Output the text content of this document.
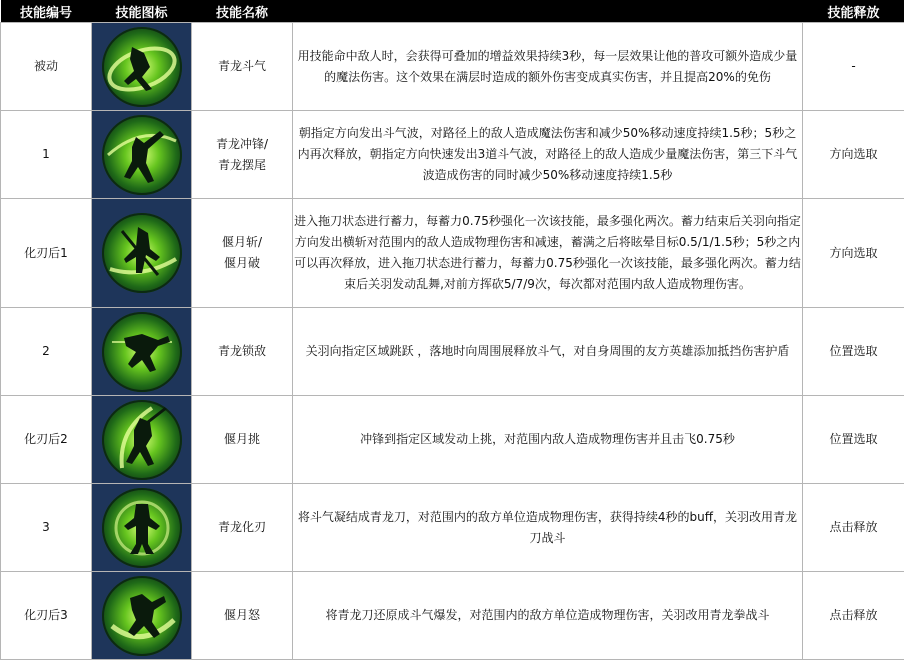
技能编号	技能图标	技能名称		技能释放
被动		青龙斗气	用技能命中敌人时，会获得可叠加的增益效果持续3秒，每一层效果让他的普攻可额外造成少量的魔法伤害。这个效果在满层时造成的额外伤害变成真实伤害，并且提高20%的免伤	-
1		青龙冲锋/
青龙摆尾	朝指定方向发出斗气波，对路径上的敌人造成魔法伤害和减少50%移动速度持续1.5秒；5秒之内再次释放，朝指定方向快速发出3道斗气波，对路径上的敌人造成少量魔法伤害，第三下斗气波造成伤害的同时减少50%移动速度持续1.5秒	方向选取
化刃后1		偃月斩/
偃月破	进入拖刀状态进行蓄力，每蓄力0.75秒强化一次该技能，最多强化两次。蓄力结束后关羽向指定方向发出横斩对范围内的敌人造成物理伤害和减速，蓄满之后将眩晕目标0.5/1/1.5秒；5秒之内可以再次释放，进入拖刀状态进行蓄力，每蓄力0.75秒强化一次该技能，最多强化两次。蓄力结束后关羽发动乱舞,对前方挥砍5/7/9次，每次都对范围内敌人造成物理伤害。	方向选取
2		青龙锁敌	关羽向指定区域跳跃 ，落地时向周围展释放斗气，对自身周围的友方英雄添加抵挡伤害护盾	位置选取
化刃后2		偃月挑	冲锋到指定区域发动上挑，对范围内敌人造成物理伤害并且击飞0.75秒	位置选取
3		青龙化刃	将斗气凝结成青龙刀，对范围内的敌方单位造成物理伤害，获得持续4秒的buff，关羽改用青龙刀战斗	点击释放
化刃后3		偃月怒	将青龙刀还原成斗气爆发，对范围内的敌方单位造成物理伤害，关羽改用青龙拳战斗	点击释放
